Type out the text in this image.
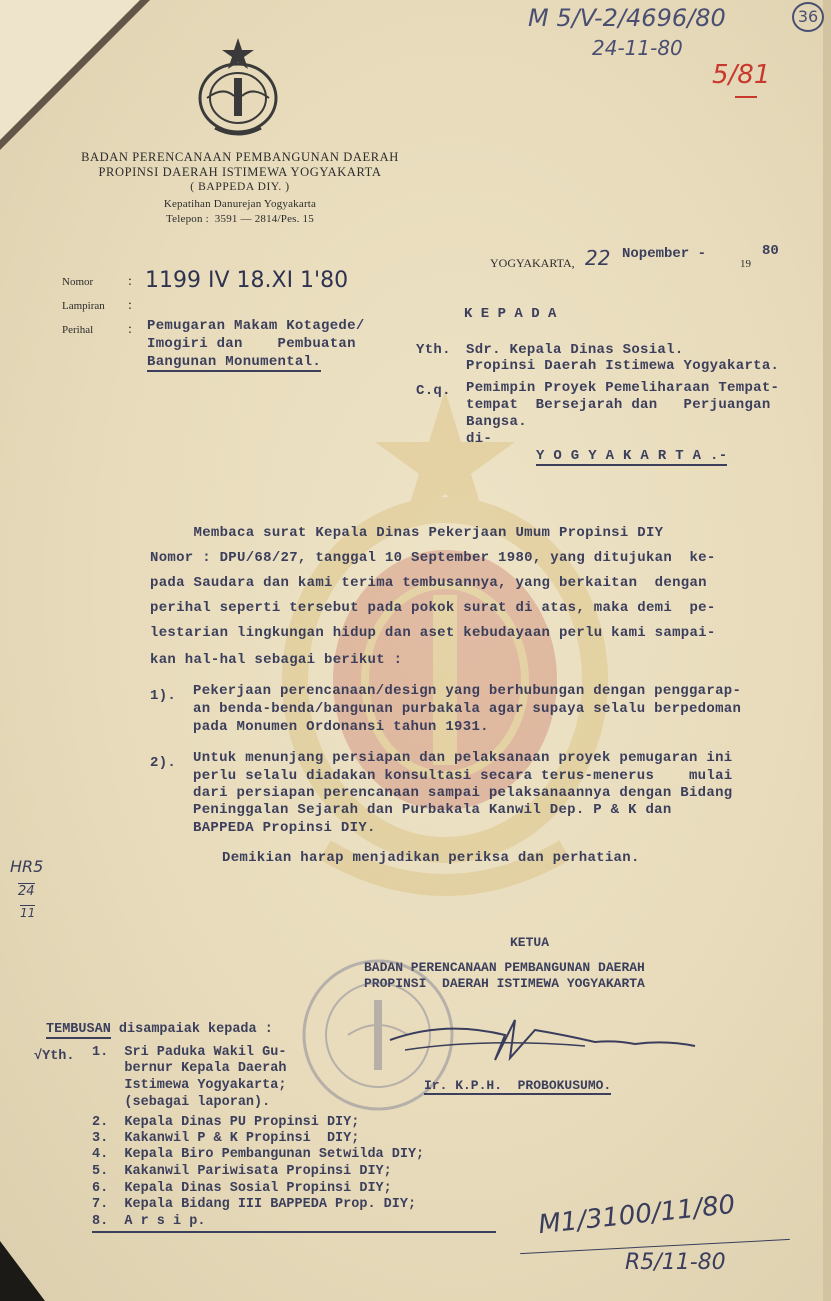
BADAN PERENCANAAN PEMBANGUNAN DAERAH
PROPINSI DAERAH ISTIMEWA YOGYAKARTA
( BAPPEDA DIY. )
Kepatihan Danurejan Yogyakarta
Telepon :  3591 — 2814/Pes. 15
M 5/V-2/4696/80
24-11-80
36
5/81
Nomor : 1199 IV 18.XI 1'80
Lampiran :
Perihal : Pemugaran Makam Kotagede/
Imogiri dan    Pembuatan
Bangunan Monumental.
YOGYAKARTA, 22 Nopember -
19
80
K E P A D A
Yth. Sdr. Kepala Dinas Sosial.
Propinsi Daerah Istimewa Yogyakarta.
C.q. Pemimpin Proyek Pemeliharaan Tempat-
tempat  Bersejarah dan   Perjuangan
Bangsa.
di-
Y O G Y A K A R T A .-
Membaca surat Kepala Dinas Pekerjaan Umum Propinsi DIY
Nomor : DPU/68/27, tanggal 10 September 1980, yang ditujukan  ke-
pada Saudara dan kami terima tembusannya, yang berkaitan  dengan
perihal seperti tersebut pada pokok surat di atas, maka demi  pe-
lestarian lingkungan hidup dan aset kebudayaan perlu kami sampai-
kan hal-hal sebagai berikut :
1). Pekerjaan perencanaan/design yang berhubungan dengan penggarap-
an benda-benda/bangunan purbakala agar supaya selalu berpedoman
pada Monumen Ordonansi tahun 1931.
2). Untuk menunjang persiapan dan pelaksanaan proyek pemugaran ini
perlu selalu diadakan konsultasi secara terus-menerus    mulai
dari persiapan perencanaan sampai pelaksanaannya dengan Bidang
Peninggalan Sejarah dan Purbakala Kanwil Dep. P & K dan
BAPPEDA Propinsi DIY.
Demikian harap menjadikan periksa dan perhatian.
HR5
24
11
KETUA
BADAN PERENCANAAN PEMBANGUNAN DAERAH
PROPINSI  DAERAH ISTIMEWA YOGYAKARTA
Ir. K.P.H.  PROBOKUSUMO.
TEMBUSAN disampaiak kepada :
√Yth. 1.  Sri Paduka Wakil Gu-
bernur Kepala Daerah
Istimewa Yogyakarta;
(sebagai laporan).
2.  Kepala Dinas PU Propinsi DIY;
3.  Kakanwil P & K Propinsi  DIY;
4.  Kepala Biro Pembangunan Setwilda DIY;
5.  Kakanwil Pariwisata Propinsi DIY;
6.  Kepala Dinas Sosial Propinsi DIY;
7.  Kepala Bidang III BAPPEDA Prop. DIY;
8.  A r s i p.	M1/3100/11/80
R5/11-80
